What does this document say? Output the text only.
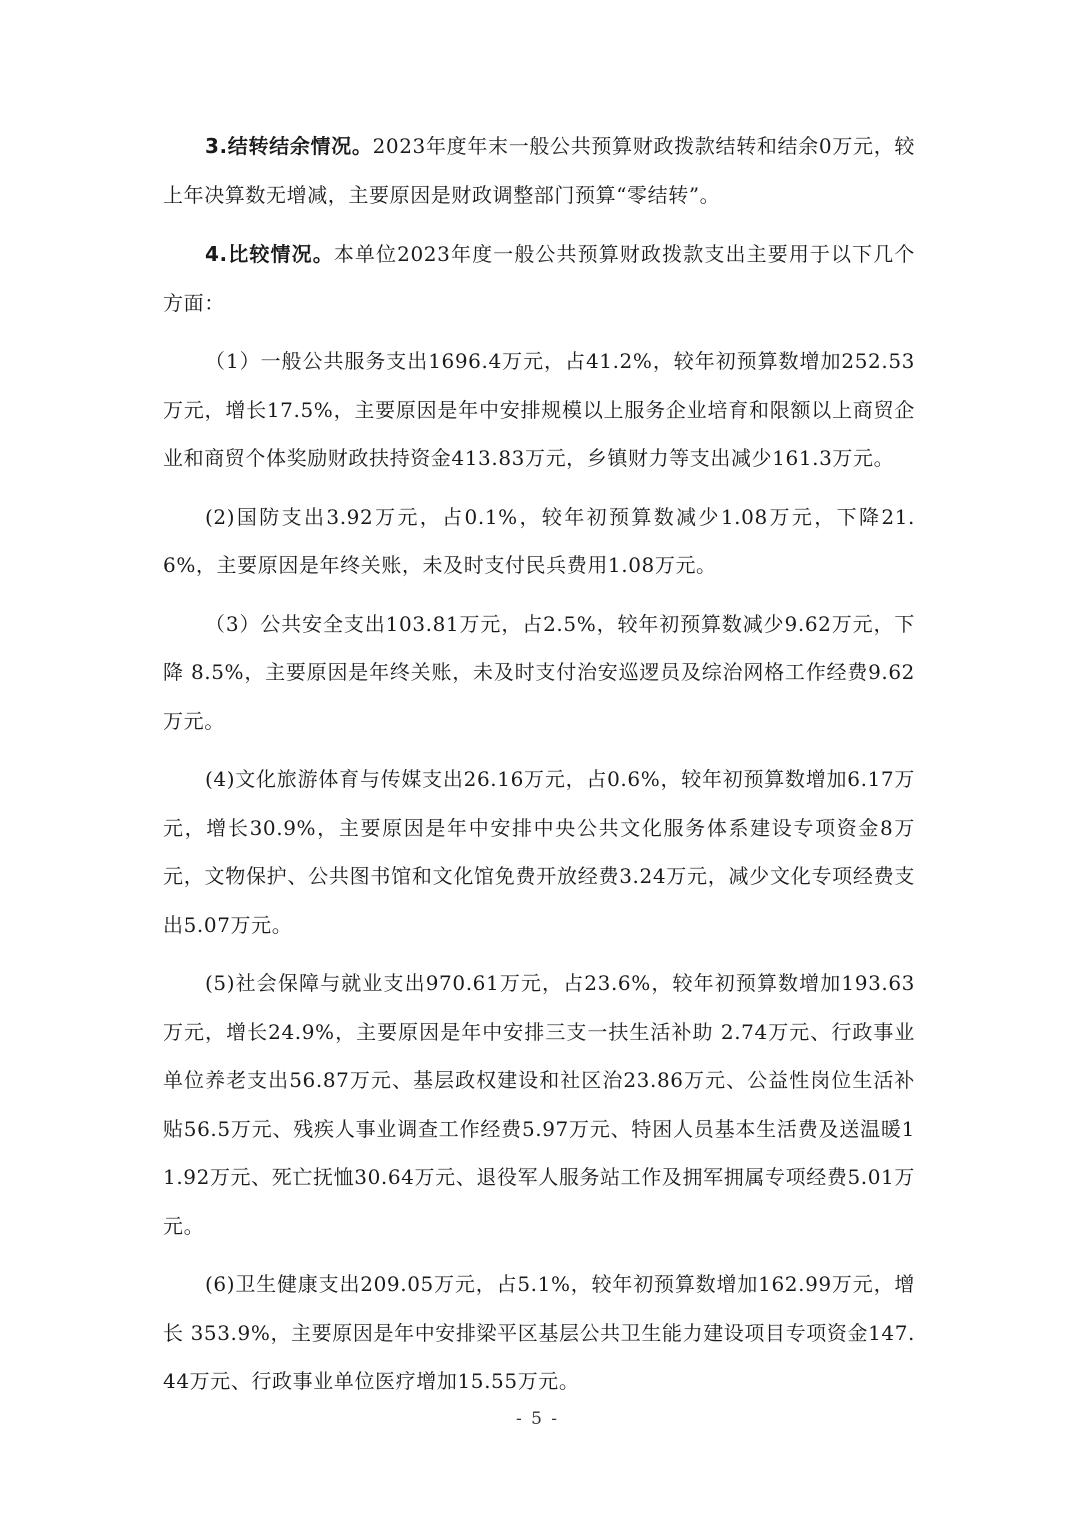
3.结转结余情况。2023年度年末一般公共预算财政拨款结转和结余0万元，较上年决算数无增减，主要原因是财政调整部门预算“零结转”。

4.比较情况。本单位2023年度一般公共预算财政拨款支出主要用于以下几个方面：

（1）一般公共服务支出1696.4万元，占41.2%，较年初预算数增加252.53万元，增长17.5%，主要原因是年中安排规模以上服务企业培育和限额以上商贸企业和商贸个体奖励财政扶持资金413.83万元，乡镇财力等支出减少161.3万元。

(2)国防支出3.92万元，占0.1%，较年初预算数减少1.08万元，下降21.6%，主要原因是年终关账，未及时支付民兵费用1.08万元。

（3）公共安全支出103.81万元，占2.5%，较年初预算数减少9.62万元，下降 8.5%，主要原因是年终关账，未及时支付治安巡逻员及综治网格工作经费9.62万元。

(4)文化旅游体育与传媒支出26.16万元，占0.6%，较年初预算数增加6.17万元，增长30.9%，主要原因是年中安排中央公共文化服务体系建设专项资金8万元，文物保护、公共图书馆和文化馆免费开放经费3.24万元，减少文化专项经费支出5.07万元。

(5)社会保障与就业支出970.61万元，占23.6%，较年初预算数增加193.63万元，增长24.9%，主要原因是年中安排三支一扶生活补助 2.74万元、行政事业单位养老支出56.87万元、基层政权建设和社区治23.86万元、公益性岗位生活补贴56.5万元、残疾人事业调查工作经费5.97万元、特困人员基本生活费及送温暖11.92万元、死亡抚恤30.64万元、退役军人服务站工作及拥军拥属专项经费5.01万元。

(6)卫生健康支出209.05万元，占5.1%，较年初预算数增加162.99万元，增长 353.9%，主要原因是年中安排梁平区基层公共卫生能力建设项目专项资金147.44万元、行政事业单位医疗增加15.55万元。

- 5 -
